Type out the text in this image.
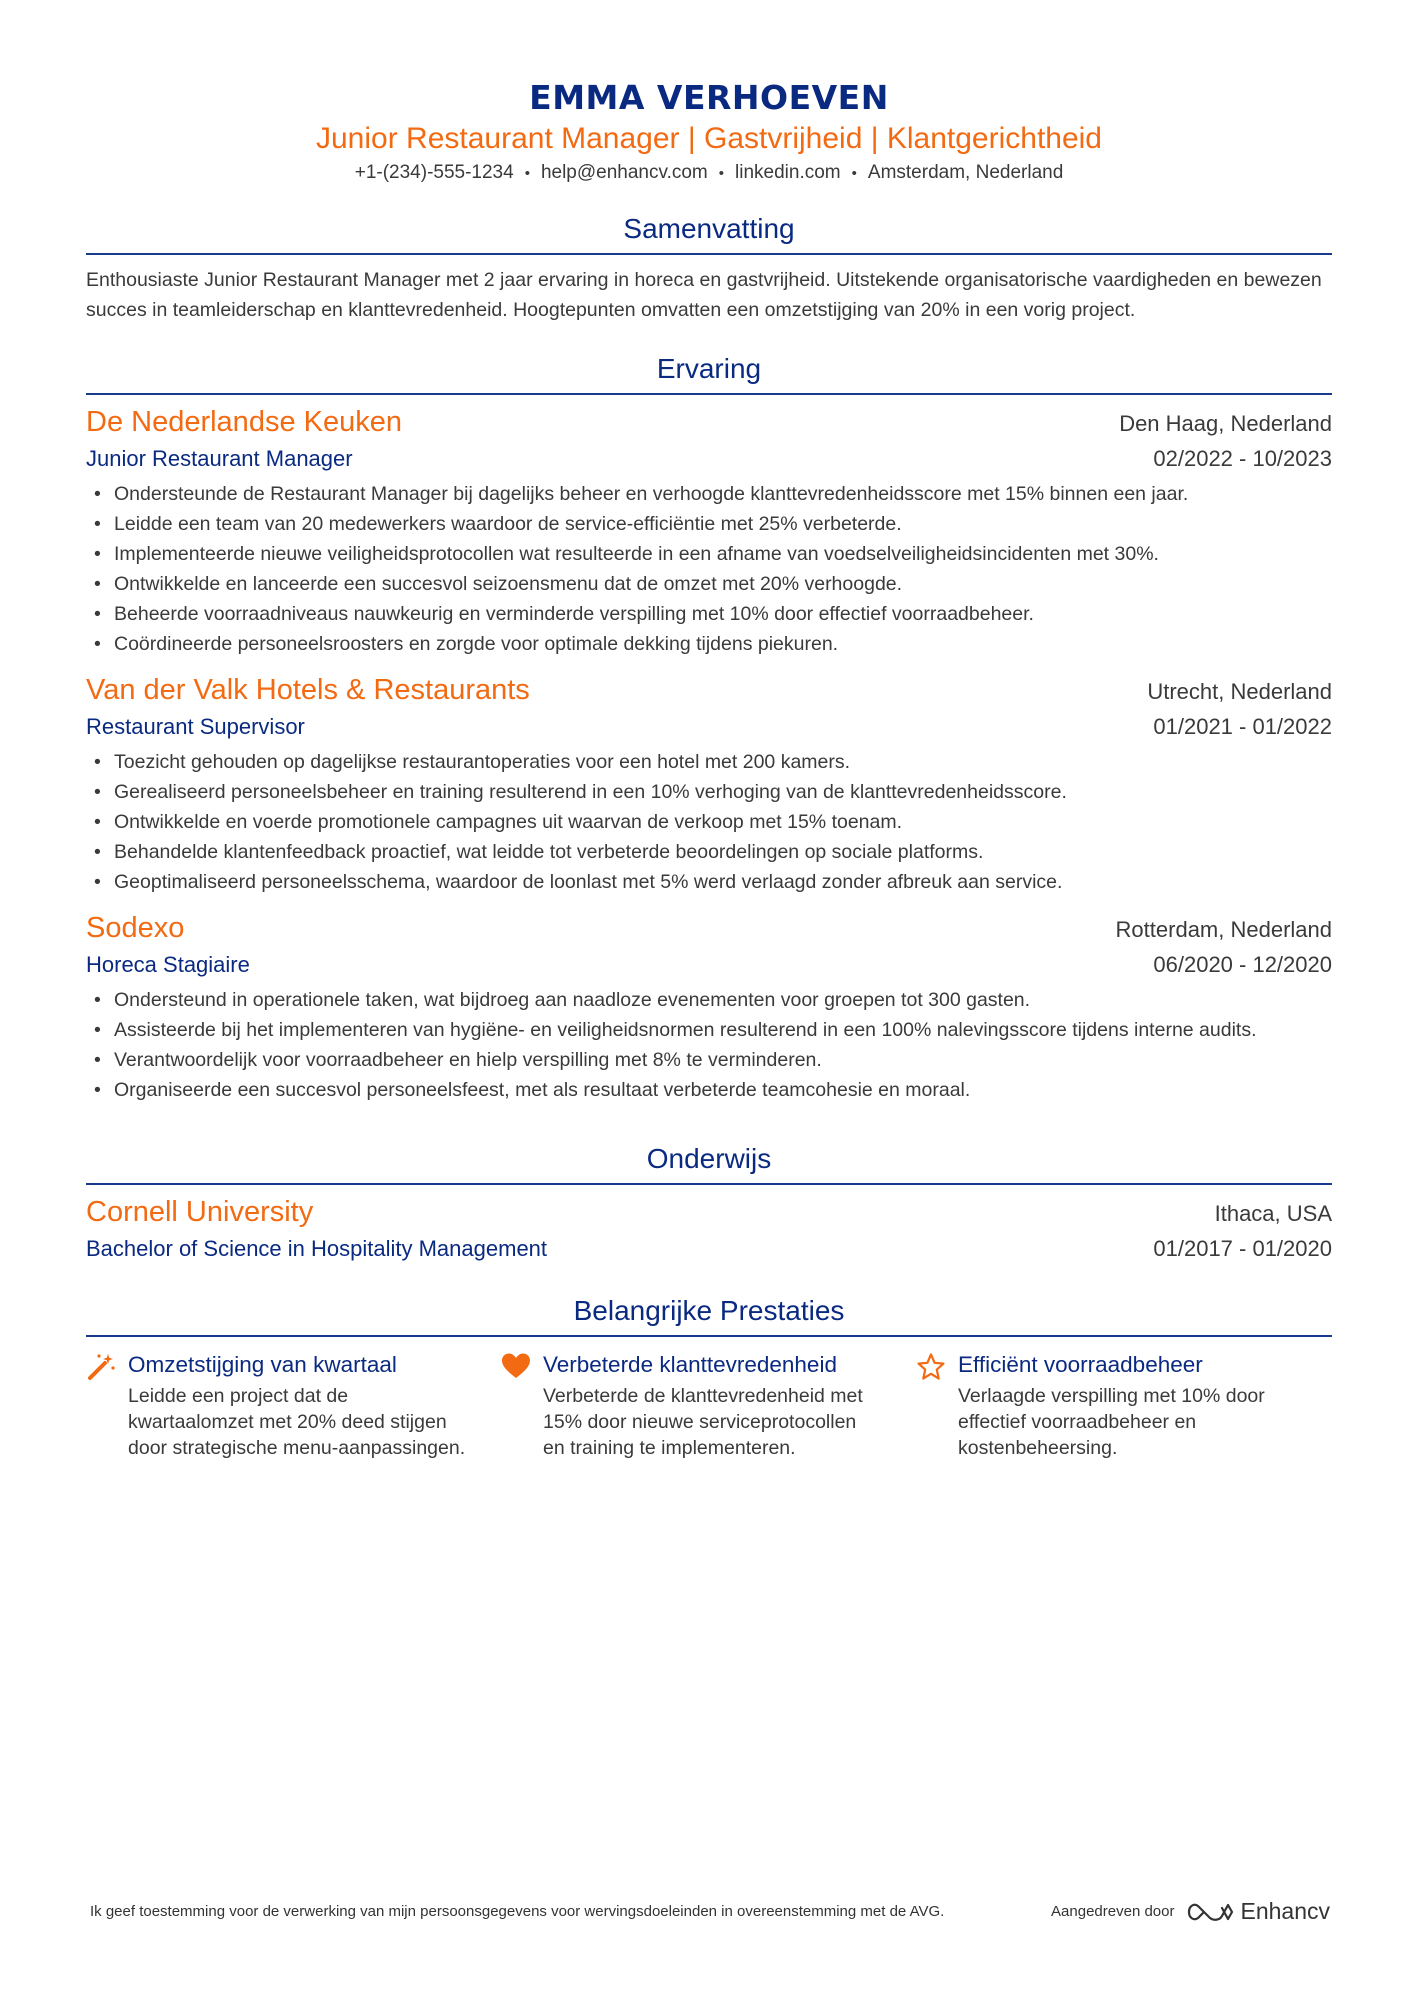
EMMA VERHOEVEN
Junior Restaurant Manager | Gastvrijheid | Klantgerichtheid
+1-(234)-555-1234 • help@enhancv.com • linkedin.com • Amsterdam, Nederland
Samenvatting
Enthousiaste Junior Restaurant Manager met 2 jaar ervaring in horeca en gastvrijheid. Uitstekende organisatorische vaardigheden en bewezen succes in teamleiderschap en klanttevredenheid. Hoogtepunten omvatten een omzetstijging van 20% in een vorig project.
Ervaring
De Nederlandse Keuken	Den Haag, Nederland
Junior Restaurant Manager	02/2022 - 10/2023
• Ondersteunde de Restaurant Manager bij dagelijks beheer en verhoogde klanttevredenheidsscore met 15% binnen een jaar.
• Leidde een team van 20 medewerkers waardoor de service-efficiëntie met 25% verbeterde.
• Implementeerde nieuwe veiligheidsprotocollen wat resulteerde in een afname van voedselveiligheidsincidenten met 30%.
• Ontwikkelde en lanceerde een succesvol seizoensmenu dat de omzet met 20% verhoogde.
• Beheerde voorraadniveaus nauwkeurig en verminderde verspilling met 10% door effectief voorraadbeheer.
• Coördineerde personeelsroosters en zorgde voor optimale dekking tijdens piekuren.
Van der Valk Hotels & Restaurants	Utrecht, Nederland
Restaurant Supervisor	01/2021 - 01/2022
• Toezicht gehouden op dagelijkse restaurantoperaties voor een hotel met 200 kamers.
• Gerealiseerd personeelsbeheer en training resulterend in een 10% verhoging van de klanttevredenheidsscore.
• Ontwikkelde en voerde promotionele campagnes uit waarvan de verkoop met 15% toenam.
• Behandelde klantenfeedback proactief, wat leidde tot verbeterde beoordelingen op sociale platforms.
• Geoptimaliseerd personeelsschema, waardoor de loonlast met 5% werd verlaagd zonder afbreuk aan service.
Sodexo	Rotterdam, Nederland
Horeca Stagiaire	06/2020 - 12/2020
• Ondersteund in operationele taken, wat bijdroeg aan naadloze evenementen voor groepen tot 300 gasten.
• Assisteerde bij het implementeren van hygiëne- en veiligheidsnormen resulterend in een 100% nalevingsscore tijdens interne audits.
• Verantwoordelijk voor voorraadbeheer en hielp verspilling met 8% te verminderen.
• Organiseerde een succesvol personeelsfeest, met als resultaat verbeterde teamcohesie en moraal.
Onderwijs
Cornell University	Ithaca, USA
Bachelor of Science in Hospitality Management	01/2017 - 01/2020
Belangrijke Prestaties
Omzetstijging van kwartaal
Leidde een project dat de kwartaalomzet met 20% deed stijgen door strategische menu-aanpassingen.
Verbeterde klanttevredenheid
Verbeterde de klanttevredenheid met 15% door nieuwe serviceprotocollen en training te implementeren.
Efficiënt voorraadbeheer
Verlaagde verspilling met 10% door effectief voorraadbeheer en kostenbeheersing.
Ik geef toestemming voor de verwerking van mijn persoonsgegevens voor wervingsdoeleinden in overeenstemming met de AVG.	Aangedreven door	Enhancv
